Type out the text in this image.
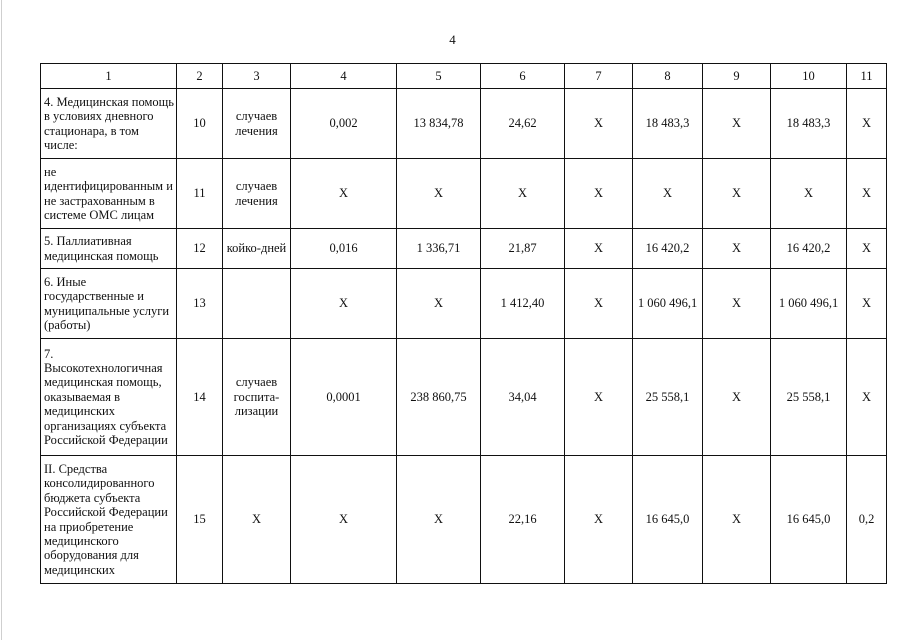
4
1	2	3	4	5	6	7	8	9	10	11
4. Медицинская помощь в условиях дневного стационара, в том числе:	10	случаев лечения	0,002	13 834,78	24,62	X	18 483,3	X	18 483,3	X
не идентифицированным и не застрахованным в системе ОМС лицам	11	случаев лечения	X	X	X	X	X	X	X	X
5. Паллиативная медицинская помощь	12	койко-дней	0,016	1 336,71	21,87	X	16 420,2	X	16 420,2	X
6. Иные государственные и муниципальные услуги (работы)	13		X	X	1 412,40	X	1 060 496,1	X	1 060 496,1	X
7. Высокотехнологичная медицинская помощь, оказываемая в медицинских организациях субъекта Российской Федерации	14	случаев госпита-лизации	0,0001	238 860,75	34,04	X	25 558,1	X	25 558,1	X
II. Средства консолидированного бюджета субъекта Российской Федерации на приобретение медицинского оборудования для медицинских	15	X	X	X	22,16	X	16 645,0	X	16 645,0	0,2
